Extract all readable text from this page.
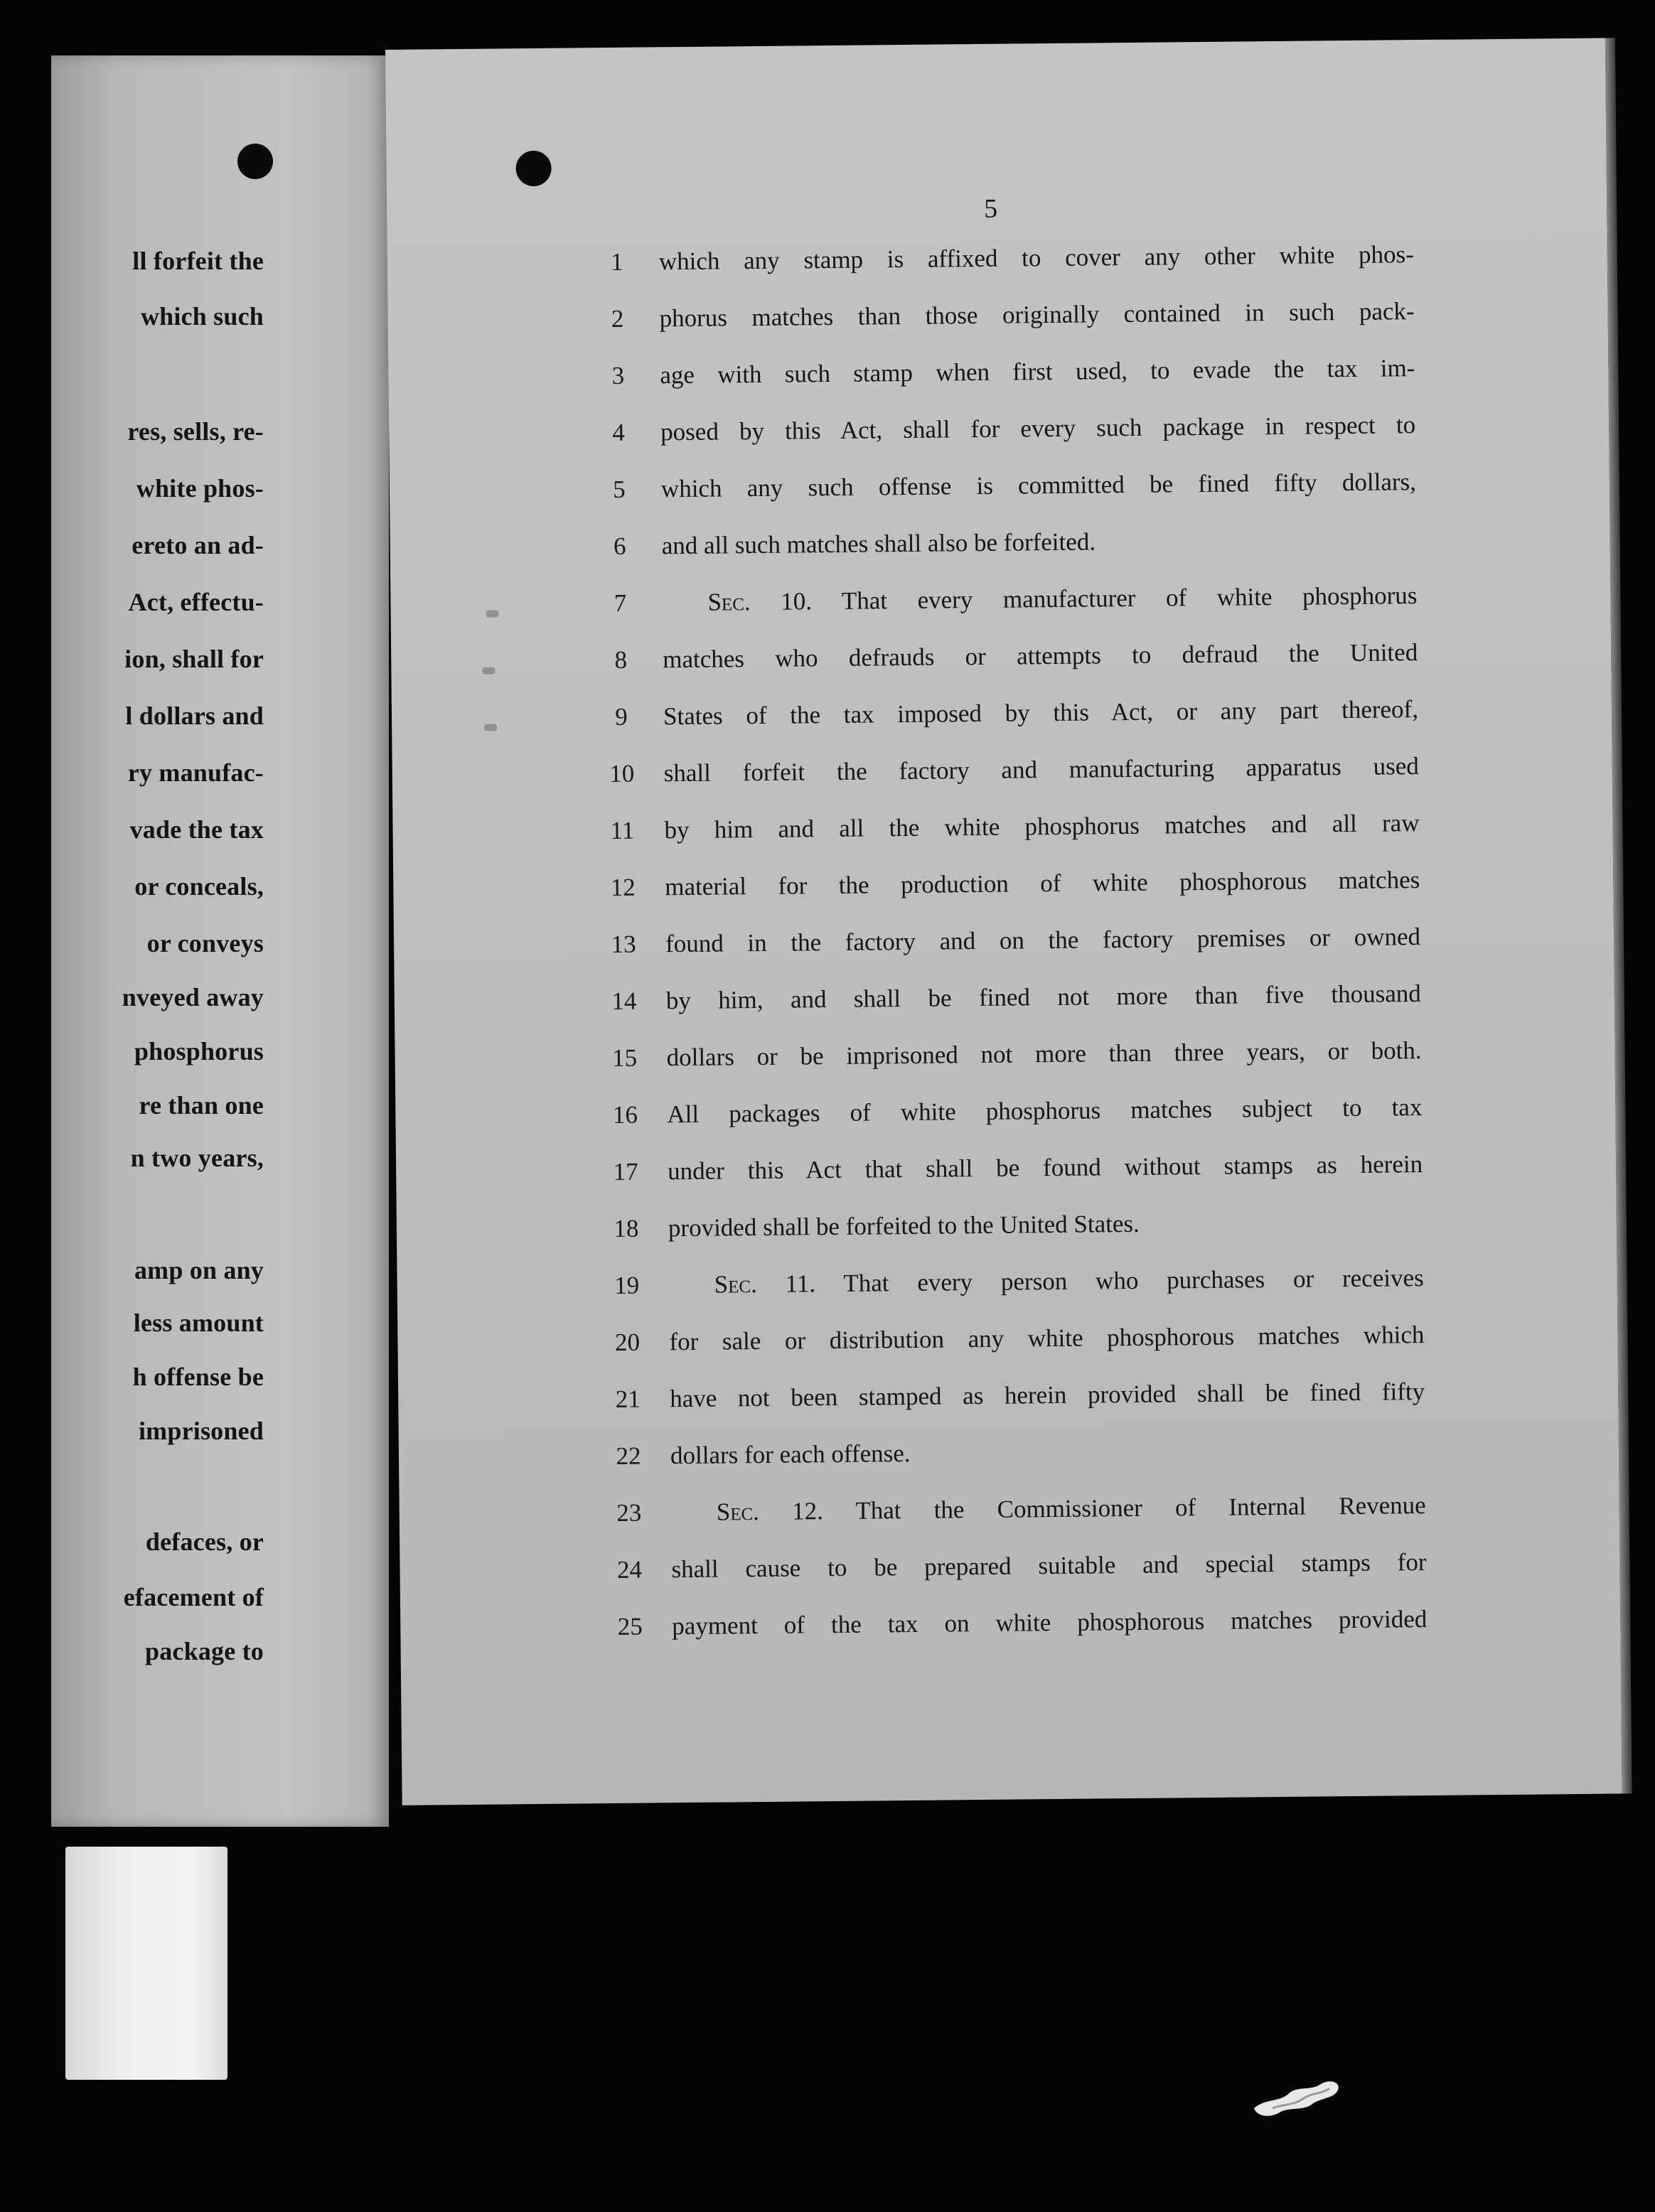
ll forfeit the
which such
res, sells, re-
white phos-
ereto an ad-
Act, effectu-
ion, shall for
l dollars and
ry manufac-
vade the tax
or conceals,
or conveys
nveyed away
phosphorus
re than one
n two years,
amp on any
less amount
h offense be
imprisoned
defaces, or
efacement of
package to
5
1	which any stamp is affixed to cover any other white phos-
2	phorus matches than those originally contained in such pack-
3	age with such stamp when first used, to evade the tax im-
4	posed by this Act, shall for every such package in respect to
5	which any such offense is committed be fined fifty dollars,
6	and all such matches shall also be forfeited.
7	Sec. 10. That every manufacturer of white phosphorus
8	matches who defrauds or attempts to defraud the United
9	States of the tax imposed by this Act, or any part thereof,
10	shall forfeit the factory and manufacturing apparatus used
11	by him and all the white phosphorus matches and all raw
12	material for the production of white phosphorous matches
13	found in the factory and on the factory premises or owned
14	by him, and shall be fined not more than five thousand
15	dollars or be imprisoned not more than three years, or both.
16	All packages of white phosphorus matches subject to tax
17	under this Act that shall be found without stamps as herein
18	provided shall be forfeited to the United States.
19	Sec. 11. That every person who purchases or receives
20	for sale or distribution any white phosphorous matches which
21	have not been stamped as herein provided shall be fined fifty
22	dollars for each offense.
23	Sec. 12. That the Commissioner of Internal Revenue
24	shall cause to be prepared suitable and special stamps for
25	payment of the tax on white phosphorous matches provided
